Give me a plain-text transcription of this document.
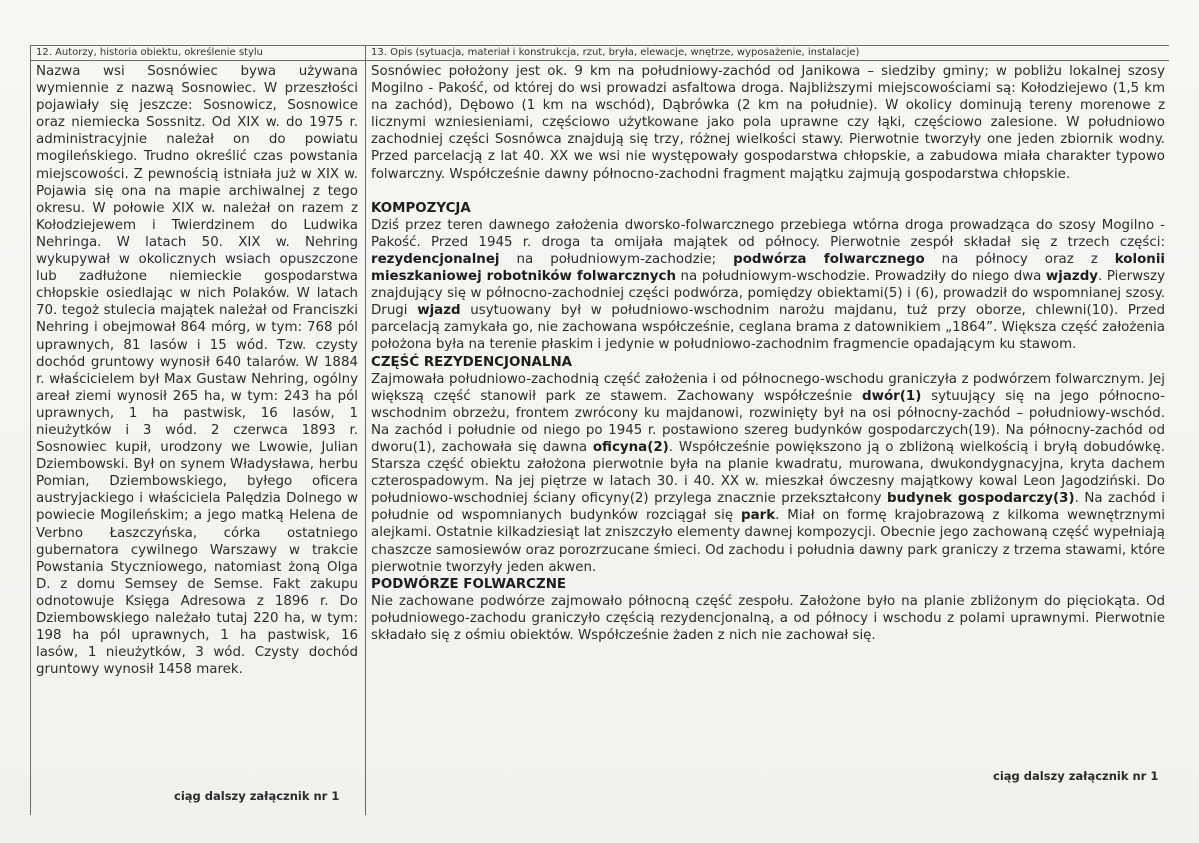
12. Autorzy, historia obiektu, określenie stylu	13. Opis (sytuacja, materiał i konstrukcja, rzut, bryła, elewacje, wnętrze, wyposażenie, instalacje)

Nazwa wsi Sosnówiec bywa używana wymiennie z nazwą Sosnowiec. W przeszłości pojawiały się jeszcze: Sosnowicz, Sosnowice oraz niemiecka Sossnitz. Od XIX w. do 1975 r. administracyjnie należał on do powiatu mogileńskiego. Trudno określić czas powstania miejscowości. Z pewnością istniała już w XIX w. Pojawia się ona na mapie archiwalnej z tego okresu. W połowie XIX w. należał on razem z Kołodziejewem i Twierdzinem do Ludwika Nehringa. W latach 50. XIX w. Nehring wykupywał w okolicznych wsiach opuszczone lub zadłużone niemieckie gospodarstwa chłopskie osiedlając w nich Polaków. W latach 70. tegoż stulecia majątek należał od Franciszki Nehring i obejmował 864 mórg, w tym: 768 pól uprawnych, 81 lasów i 15 wód. Tzw. czysty dochód gruntowy wynosił 640 talarów. W 1884 r. właścicielem był Max Gustaw Nehring, ogólny areał ziemi wynosił 265 ha, w tym: 243 ha pól uprawnych, 1 ha pastwisk, 16 lasów, 1 nieużytków i 3 wód. 2 czerwca 1893 r. Sosnowiec kupił, urodzony we Lwowie, Julian Dziembowski. Był on synem Władysława, herbu Pomian, Dziembowskiego, byłego oficera austryjackiego i właściciela Palędzia Dolnego w powiecie Mogileńskim; a jego matką Helena de Verbno Łaszczyńska, córka ostatniego gubernatora cywilnego Warszawy w trakcie Powstania Styczniowego, natomiast żoną Olga D. z domu Semsey de Semse. Fakt zakupu odnotowuje Księga Adresowa z 1896 r. Do Dziembowskiego należało tutaj 220 ha, w tym: 198 ha pól uprawnych, 1 ha pastwisk, 16 lasów, 1 nieużytków, 3 wód. Czysty dochód gruntowy wynosił 1458 marek.

Sosnówiec położony jest ok. 9 km na południowy-zachód od Janikowa – siedziby gminy; w pobliżu lokalnej szosy Mogilno - Pakość, od której do wsi prowadzi asfaltowa droga. Najbliższymi miejscowościami są: Kołodziejewo (1,5 km na zachód), Dębowo (1 km na wschód), Dąbrówka (2 km na południe). W okolicy dominują tereny morenowe z licznymi wzniesieniami, częściowo użytkowane jako pola uprawne czy łąki, częściowo zalesione. W południowo zachodniej części Sosnówca znajdują się trzy, różnej wielkości stawy. Pierwotnie tworzyły one jeden zbiornik wodny. Przed parcelacją z lat 40. XX we wsi nie występowały gospodarstwa chłopskie, a zabudowa miała charakter typowo folwarczny. Współcześnie dawny północno-zachodni fragment majątku zajmują gospodarstwa chłopskie.

KOMPOZYCJA

Dziś przez teren dawnego założenia dworsko-folwarcznego przebiega wtórna droga prowadząca do szosy Mogilno - Pakość. Przed 1945 r. droga ta omijała majątek od północy. Pierwotnie zespół składał się z trzech części: rezydencjonalnej na południowym-zachodzie; podwórza folwarcznego na północy oraz z kolonii mieszkaniowej robotników folwarcznych na południowym-wschodzie. Prowadziły do niego dwa wjazdy. Pierwszy znajdujący się w północno-zachodniej części podwórza, pomiędzy obiektami(5) i (6), prowadził do wspomnianej szosy. Drugi wjazd usytuowany był w południowo-wschodnim narożu majdanu, tuż przy oborze, chlewni(10). Przed parcelacją zamykała go, nie zachowana współcześnie, ceglana brama z datownikiem „1864”. Większa część założenia położona była na terenie płaskim i jedynie w południowo-zachodnim fragmencie opadającym ku stawom.

CZĘŚĆ REZYDENCJONALNA

Zajmowała południowo-zachodnią część założenia i od północnego-wschodu graniczyła z podwórzem folwarcznym. Jej większą część stanowił park ze stawem. Zachowany współcześnie dwór(1) sytuujący się na jego północno-wschodnim obrzeżu, frontem zwrócony ku majdanowi, rozwinięty był na osi północny-zachód – południowy-wschód. Na zachód i południe od niego po 1945 r. postawiono szereg budynków gospodarczych(19). Na północny-zachód od dworu(1), zachowała się dawna oficyna(2). Współcześnie powiększono ją o zbliżoną wielkością i bryłą dobudówkę. Starsza część obiektu założona pierwotnie była na planie kwadratu, murowana, dwukondygnacyjna, kryta dachem czterospadowym. Na jej piętrze w latach 30. i 40. XX w. mieszkał ówczesny majątkowy kowal Leon Jagodziński. Do południowo-wschodniej ściany oficyny(2) przylega znacznie przekształcony budynek gospodarczy(3). Na zachód i południe od wspomnianych budynków rozciągał się park. Miał on formę krajobrazową z kilkoma wewnętrznymi alejkami. Ostatnie kilkadziesiąt lat zniszczyło elementy dawnej kompozycji. Obecnie jego zachowaną część wypełniają chaszcze samosiewów oraz porozrzucane śmieci. Od zachodu i południa dawny park graniczy z trzema stawami, które pierwotnie tworzyły jeden akwen.

PODWÓRZE FOLWARCZNE

Nie zachowane podwórze zajmowało północną część zespołu. Założone było na planie zbliżonym do pięciokąta. Od południowego-zachodu graniczyło częścią rezydencjonalną, a od północy i wschodu z polami uprawnymi. Pierwotnie składało się z ośmiu obiektów. Współcześnie żaden z nich nie zachował się.

ciąg dalszy załącznik nr 1
ciąg dalszy załącznik nr 1
